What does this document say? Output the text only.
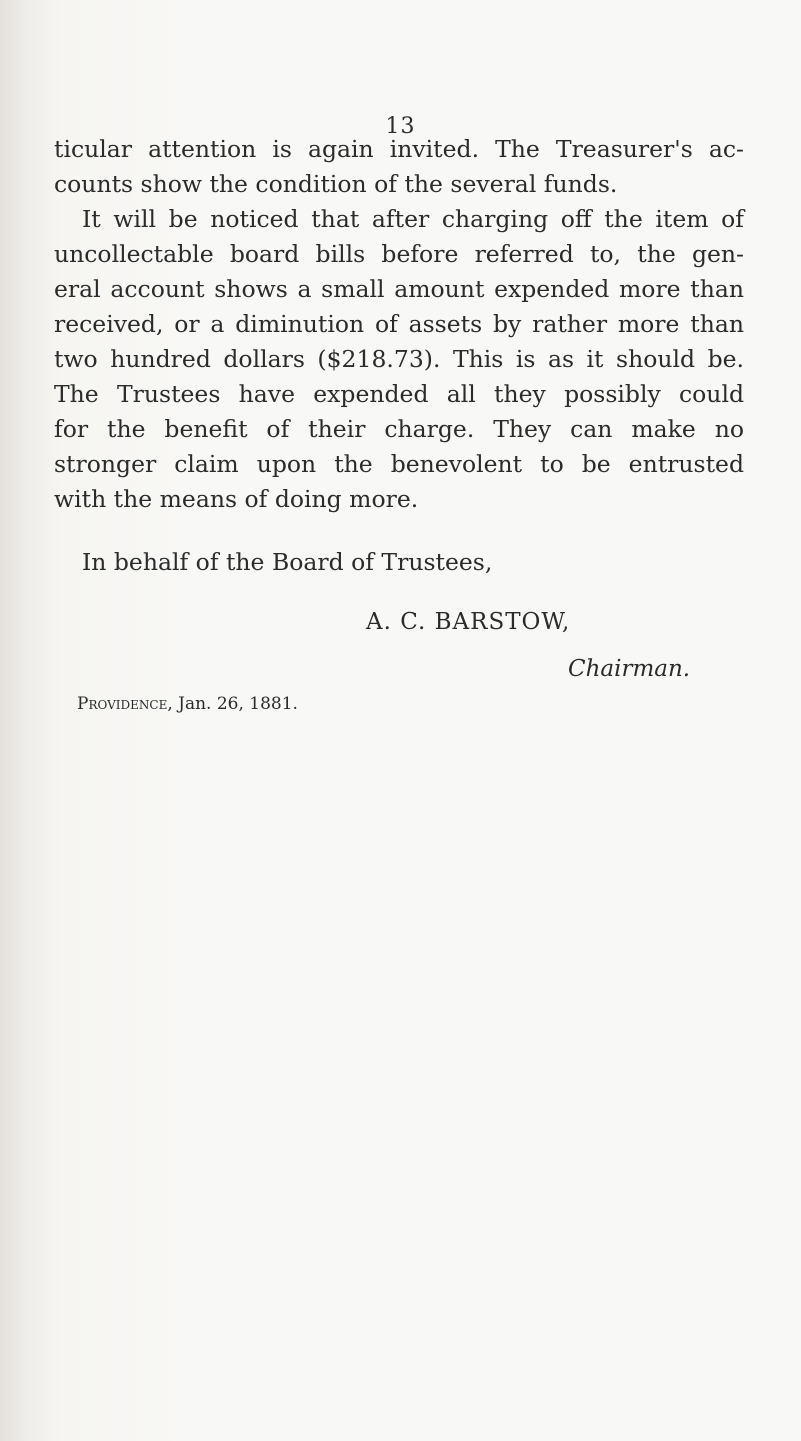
13
ticular attention is again invited. The Treasurer's ac-
counts show the condition of the several funds.
It will be noticed that after charging off the item of
uncollectable board bills before referred to, the gen-
eral account shows a small amount expended more than
received, or a diminution of assets by rather more than
two hundred dollars ($218.73). This is as it should be.
The Trustees have expended all they possibly could
for the benefit of their charge. They can make no
stronger claim upon the benevolent to be entrusted
with the means of doing more.
In behalf of the Board of Trustees,
A. C. BARSTOW,
Chairman.
Providence, Jan. 26, 1881.
